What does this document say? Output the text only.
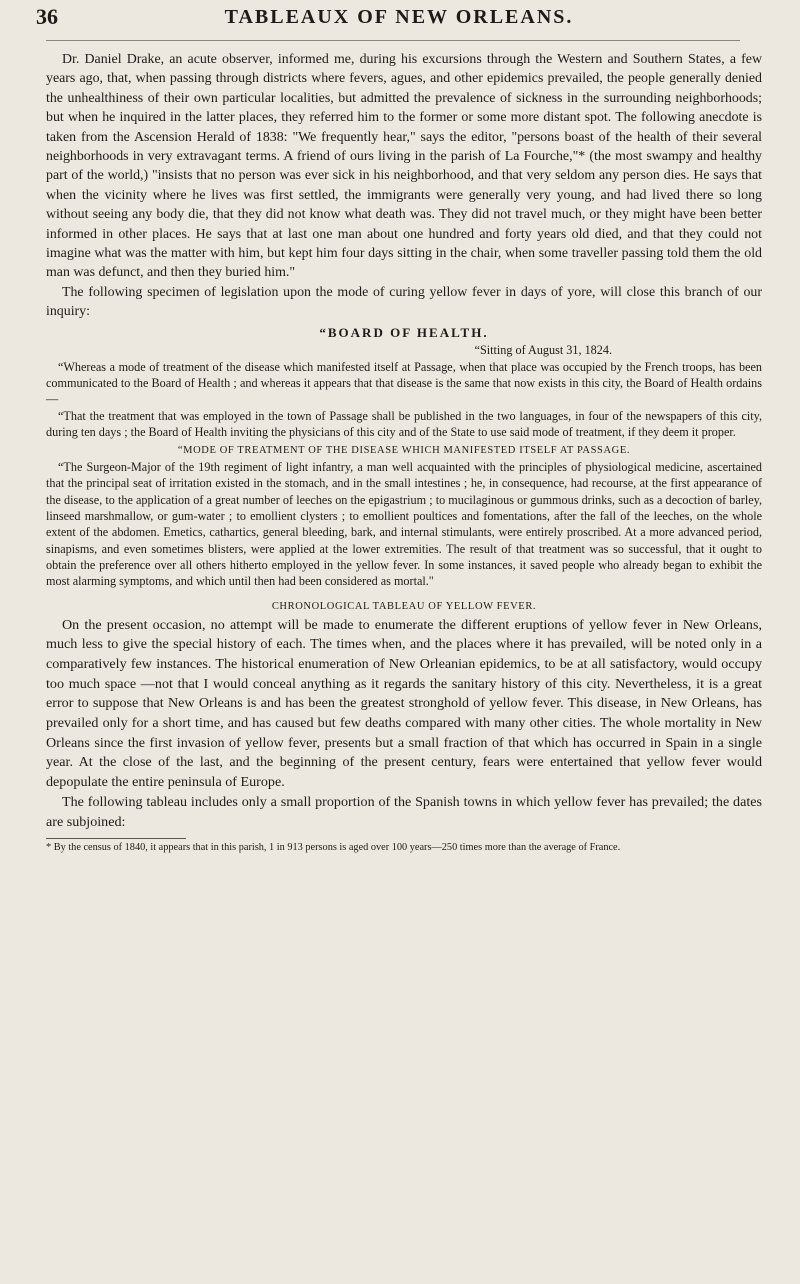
36	TABLEAUX OF NEW ORLEANS.

Dr. Daniel Drake, an acute observer, informed me, during his excursions through the Western and Southern States, a few years ago, that, when passing through districts where fevers, agues, and other epidemics prevailed, the people generally denied the unhealthiness of their own particular localities, but admitted the prevalence of sickness in the surrounding neighborhoods; but when he inquired in the latter places, they referred him to the former or some more distant spot. The following anecdote is taken from the Ascension Herald of 1838: "We frequently hear," says the editor, "persons boast of the health of their several neighborhoods in very extravagant terms. A friend of ours living in the parish of La Fourche,"* (the most swampy and healthy part of the world,) "insists that no person was ever sick in his neighborhood, and that very seldom any person dies. He says that when the vicinity where he lives was first settled, the immigrants were generally very young, and had lived there so long without seeing any body die, that they did not know what death was. They did not travel much, or they might have been better informed in other places. He says that at last one man about one hundred and forty years old died, and that they could not imagine what was the matter with him, but kept him four days sitting in the chair, when some traveller passing told them the old man was defunct, and then they buried him."

The following specimen of legislation upon the mode of curing yellow fever in days of yore, will close this branch of our inquiry:

“BOARD OF HEALTH.
“Sitting of August 31, 1824.

“Whereas a mode of treatment of the disease which manifested itself at Passage, when that place was occupied by the French troops, has been communicated to the Board of Health ; and whereas it appears that that disease is the same that now exists in this city, the Board of Health ordains—

“That the treatment that was employed in the town of Passage shall be published in the two languages, in four of the newspapers of this city, during ten days ; the Board of Health inviting the physicians of this city and of the State to use said mode of treatment, if they deem it proper.

“MODE OF TREATMENT OF THE DISEASE WHICH MANIFESTED ITSELF AT PASSAGE.

“The Surgeon-Major of the 19th regiment of light infantry, a man well acquainted with the principles of physiological medicine, ascertained that the principal seat of irritation existed in the stomach, and in the small intestines ; he, in consequence, had recourse, at the first appearance of the disease, to the application of a great number of leeches on the epigastrium ; to mucilaginous or gummous drinks, such as a decoction of barley, linseed marshmallow, or gum-water ; to emollient clysters ; to emollient poultices and fomentations, after the fall of the leeches, on the whole extent of the abdomen. Emetics, cathartics, general bleeding, bark, and internal stimulants, were entirely proscribed. At a more advanced period, sinapisms, and even sometimes blisters, were applied at the lower extremities. The result of that treatment was so successful, that it ought to obtain the preference over all others hitherto employed in the yellow fever. In some instances, it saved people who already began to exhibit the most alarming symptoms, and which until then had been considered as mortal."

CHRONOLOGICAL TABLEAU OF YELLOW FEVER.

On the present occasion, no attempt will be made to enumerate the different eruptions of yellow fever in New Orleans, much less to give the special history of each. The times when, and the places where it has prevailed, will be noted only in a comparatively few instances. The historical enumeration of New Orleanian epidemics, to be at all satisfactory, would occupy too much space —not that I would conceal anything as it regards the sanitary history of this city. Nevertheless, it is a great error to suppose that New Orleans is and has been the greatest stronghold of yellow fever. This disease, in New Orleans, has prevailed only for a short time, and has caused but few deaths compared with many other cities. The whole mortality in New Orleans since the first invasion of yellow fever, presents but a small fraction of that which has occurred in Spain in a single year. At the close of the last, and the beginning of the present century, fears were entertained that yellow fever would depopulate the entire peninsula of Europe.

The following tableau includes only a small proportion of the Spanish towns in which yellow fever has prevailed; the dates are subjoined:

* By the census of 1840, it appears that in this parish, 1 in 913 persons is aged over 100 years—250 times more than the average of France.
